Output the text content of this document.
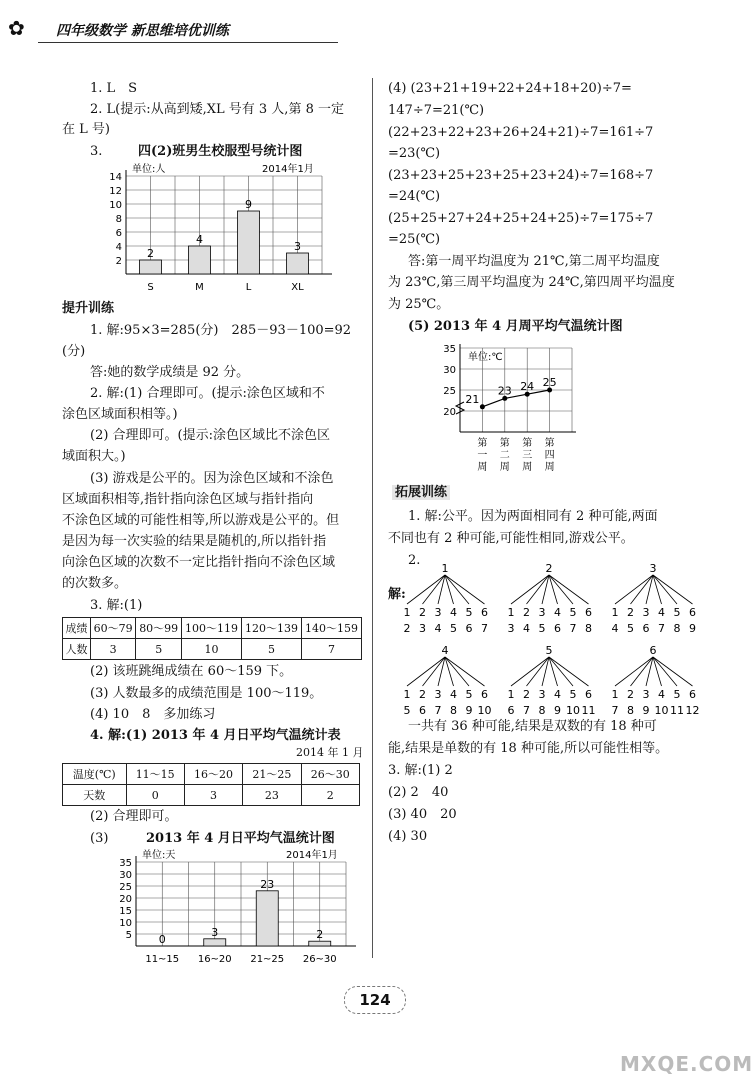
✿ 四年级数学 新思维培优训练
1. L　S
2. L(提示:从高到矮,XL 号有 3 人,第 8 一定
在 L 号)
3.	四(2)班男生校服型号统计图
单位:人	2014年1月
2
4
6
8
10
12
14
2
S
4
M
9
L
3
XL
提升训练
1. 解:95×3=285(分)　285－93－100=92
(分)
答:她的数学成绩是 92 分。
2. 解:(1) 合理即可。(提示:涂色区域和不
涂色区域面积相等。)
(2) 合理即可。(提示:涂色区域比不涂色区
域面积大。)
(3) 游戏是公平的。因为涂色区域和不涂色
区域面积相等,指针指向涂色区域与指针指向
不涂色区域的可能性相等,所以游戏是公平的。但
是因为每一次实验的结果是随机的,所以指针指
向涂色区域的次数不一定比指针指向不涂色区域
的次数多。
3. 解:(1)
成绩	60～79	80～99	100～119	120～139	140～159
人数	3	5	10	5	7
(2) 该班跳绳成绩在 60～159 下。
(3) 人数最多的成绩范围是 100～119。
(4) 10　8　多加练习
4. 解:(1) 2013 年 4 月日平均气温统计表
2014 年 1 月
温度(℃)	11～15	16～20	21～25	26～30
天数	0	3	23	2
(2) 合理即可。
(3)	2013 年 4 月日平均气温统计图
单位:天	2014年1月
5
10
15
20
25
30
35
0
11~15
3
16~20
23
21~25
2
26~30
(4) (23+21+19+22+24+18+20)÷7=
147÷7=21(℃)
(22+23+22+23+26+24+21)÷7=161÷7
=23(℃)
(23+23+25+23+25+23+24)÷7=168÷7
=24(℃)
(25+25+27+24+25+24+25)÷7=175÷7
=25(℃)
答:第一周平均温度为 21℃,第二周平均温度
为 23℃,第三周平均温度为 24℃,第四周平均温度
为 25℃。
(5) 2013 年 4 月周平均气温统计图
单位:℃
20
25
30
35
21
23 24 25
第
一
周
第
二
周
第
三
周
第
四
周
拓展训练
1. 解:公平。因为两面相同有 2 种可能,两面
不同也有 2 种可能,可能性相同,游戏公平。
2.
解:
1
1
2
2
3
3
4
4
5
5
6
6
7
2
1
3
2
4
3
5
4
6
5
7
6
8
3
1
4
2
5
3
6
4
7
5
8
6
9
4
1
5
2
6
3
7
4
8
5
9
6
10
5
1
6
2
7
3
8
4
9
5
10
6
11
6
1
7
2
8
3
9
4
10
5
11
6
12
一共有 36 种可能,结果是双数的有 18 种可
能,结果是单数的有 18 种可能,所以可能性相等。
3. 解:(1) 2
(2) 2　40
(3) 40　20
(4) 30
124
MXQE.COM
